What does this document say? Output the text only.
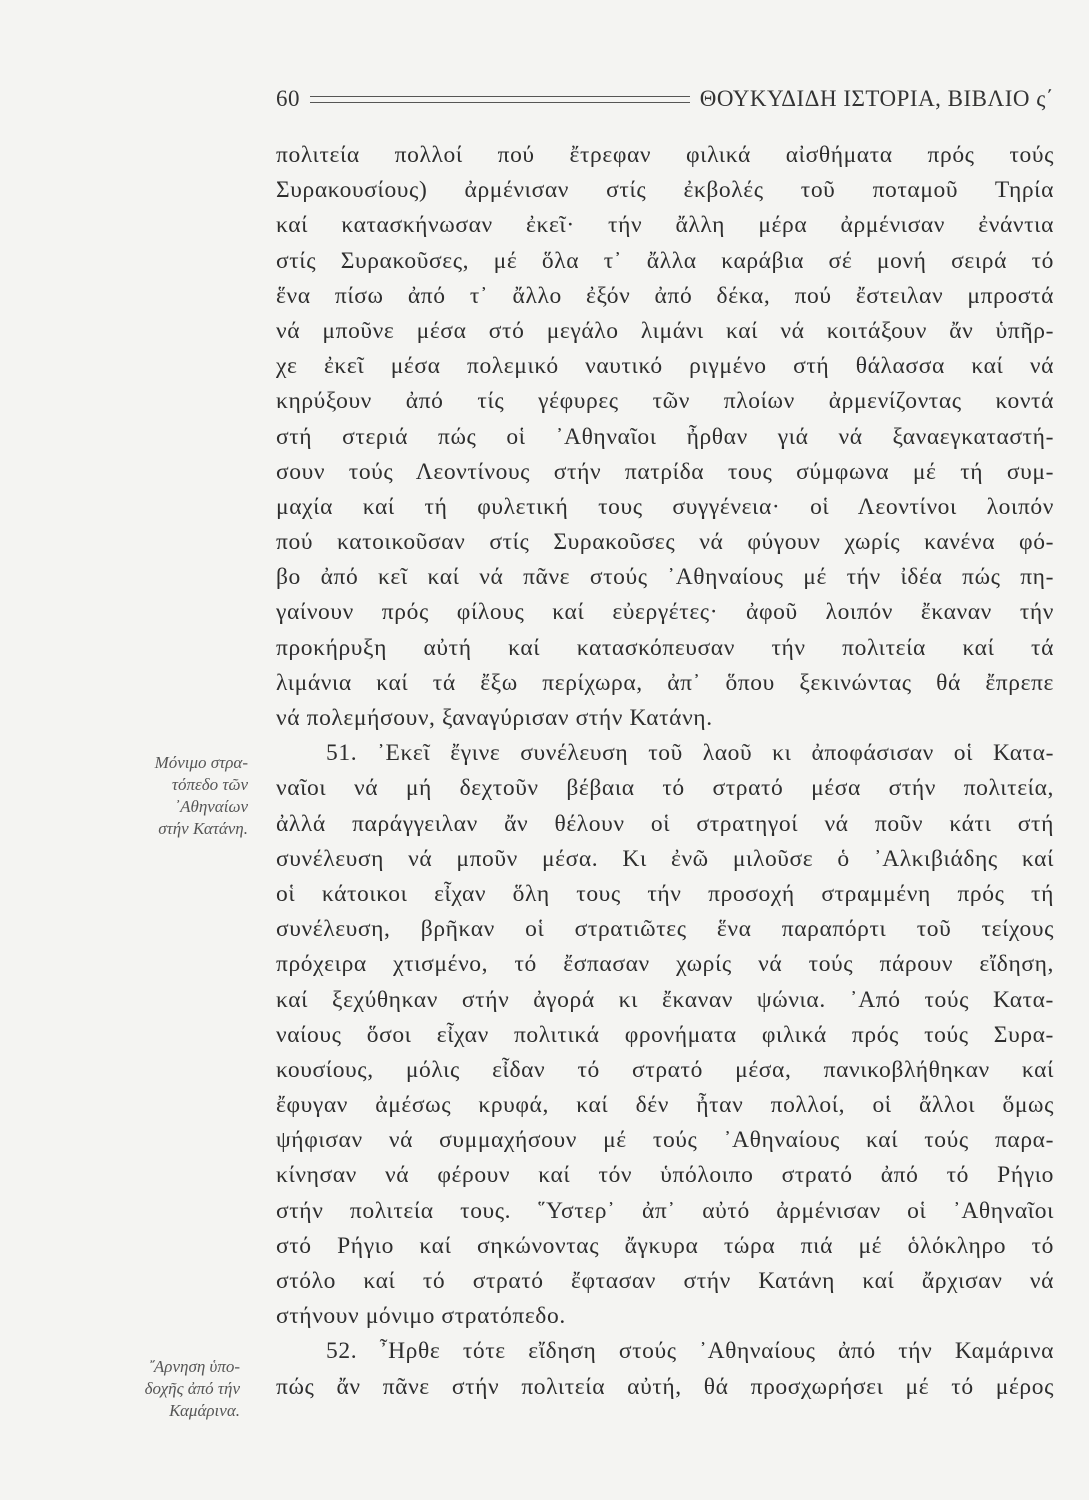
60	ΘΟΥΚΥΔΙΔΗ ΙΣΤΟΡΙΑ, ΒΙΒΛΙΟ ς΄
πολιτεία πολλοί πού ἔτρεφαν φιλικά αἰσθήματα πρός τούς
Συρακουσίους) ἀρμένισαν στίς ἐκβολές τοῦ ποταμοῦ Τηρία
καί κατασκήνωσαν ἐκεῖ· τήν ἄλλη μέρα ἀρμένισαν ἐνάντια
στίς Συρακοῦσες, μέ ὅλα τ᾿ ἄλλα καράβια σέ μονή σειρά τό
ἕνα πίσω ἀπό τ᾿ ἄλλο ἐξόν ἀπό δέκα, πού ἔστειλαν μπροστά
νά μποῦνε μέσα στό μεγάλο λιμάνι καί νά κοιτάξουν ἄν ὑπῆρ-
χε ἐκεῖ μέσα πολεμικό ναυτικό ριγμένο στή θάλασσα καί νά
κηρύξουν ἀπό τίς γέφυρες τῶν πλοίων ἀρμενίζοντας κοντά
στή στεριά πώς οἱ ᾿Αθηναῖοι ἦρθαν γιά νά ξαναεγκαταστή-
σουν τούς Λεοντίνους στήν πατρίδα τους σύμφωνα μέ τή συμ-
μαχία καί τή φυλετική τους συγγένεια· οἱ Λεοντίνοι λοιπόν
πού κατοικοῦσαν στίς Συρακοῦσες νά φύγουν χωρίς κανένα φό-
βο ἀπό κεῖ καί νά πᾶνε στούς ᾿Αθηναίους μέ τήν ἰδέα πώς πη-
γαίνουν πρός φίλους καί εὐεργέτες· ἀφοῦ λοιπόν ἔκαναν τήν
προκήρυξη αὐτή καί κατασκόπευσαν τήν πολιτεία καί τά
λιμάνια καί τά ἔξω περίχωρα, ἀπ᾿ ὅπου ξεκινώντας θά ἔπρεπε
νά πολεμήσουν, ξαναγύρισαν στήν Κατάνη.
51. ᾿Εκεῖ ἔγινε συνέλευση τοῦ λαοῦ κι ἀποφάσισαν οἱ Κατα-
ναῖοι νά μή δεχτοῦν βέβαια τό στρατό μέσα στήν πολιτεία,
ἀλλά παράγγειλαν ἄν θέλουν οἱ στρατηγοί νά ποῦν κάτι στή
συνέλευση νά μποῦν μέσα. Κι ἐνῶ μιλοῦσε ὁ ᾿Αλκιβιάδης καί
οἱ κάτοικοι εἶχαν ὅλη τους τήν προσοχή στραμμένη πρός τή
συνέλευση, βρῆκαν οἱ στρατιῶτες ἕνα παραπόρτι τοῦ τείχους
πρόχειρα χτισμένο, τό ἔσπασαν χωρίς νά τούς πάρουν εἴδηση,
καί ξεχύθηκαν στήν ἀγορά κι ἔκαναν ψώνια. ᾿Από τούς Κατα-
ναίους ὅσοι εἶχαν πολιτικά φρονήματα φιλικά πρός τούς Συρα-
κουσίους, μόλις εἶδαν τό στρατό μέσα, πανικοβλήθηκαν καί
ἔφυγαν ἀμέσως κρυφά, καί δέν ἦταν πολλοί, οἱ ἄλλοι ὅμως
ψήφισαν νά συμμαχήσουν μέ τούς ᾿Αθηναίους καί τούς παρα-
κίνησαν νά φέρουν καί τόν ὑπόλοιπο στρατό ἀπό τό Ρήγιο
στήν πολιτεία τους. ῞Υστερ᾿ ἀπ᾿ αὐτό ἀρμένισαν οἱ ᾿Αθηναῖοι
στό Ρήγιο καί σηκώνοντας ἄγκυρα τώρα πιά μέ ὁλόκληρο τό
στόλο καί τό στρατό ἔφτασαν στήν Κατάνη καί ἄρχισαν νά
στήνουν μόνιμο στρατόπεδο.
52. ῏Ηρθε τότε εἴδηση στούς ᾿Αθηναίους ἀπό τήν Καμάρινα
πώς ἄν πᾶνε στήν πολιτεία αὐτή, θά προσχωρήσει μέ τό μέρος
Μόνιμο στρα-
τόπεδο τῶν
᾿Αθηναίων
στήν Κατάνη.
῎Αρνηση ὑπο-
δοχῆς ἀπό τήν
Καμάρινα.
